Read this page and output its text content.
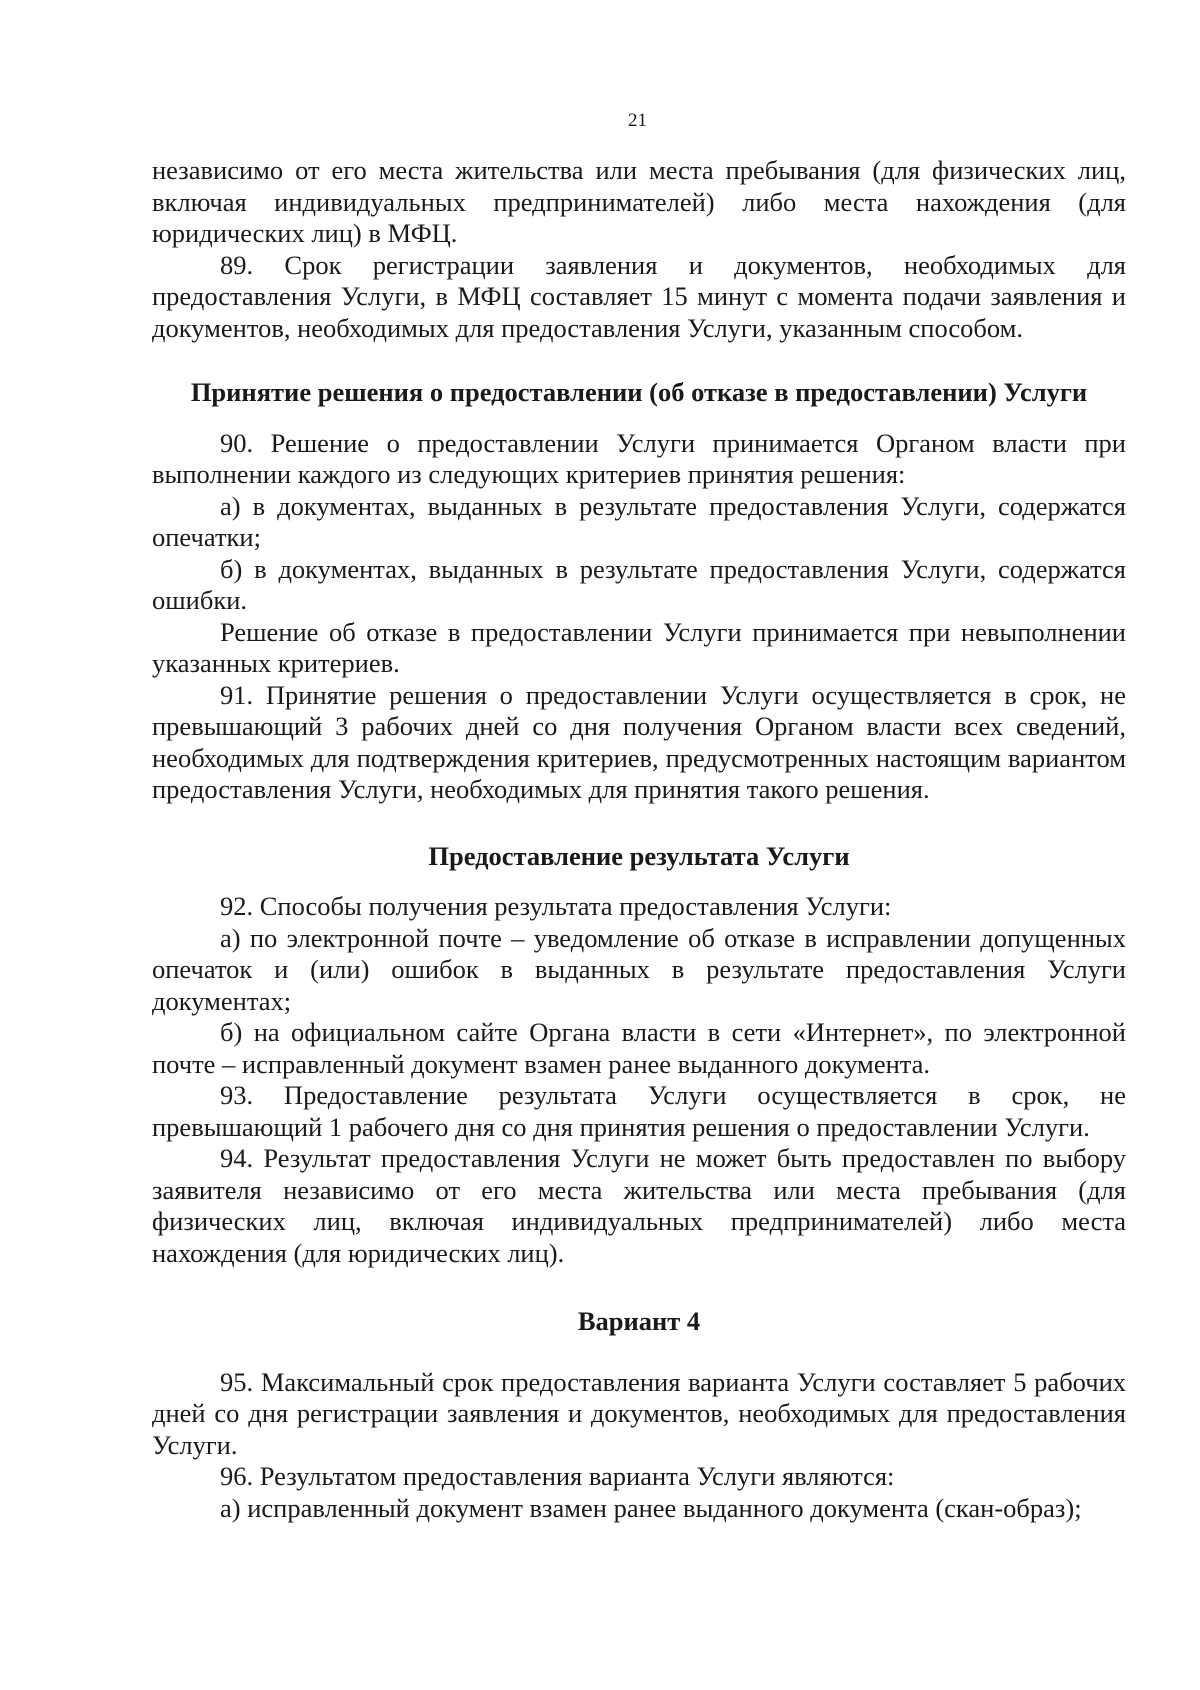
21

независимо от его места жительства или места пребывания (для физических лиц, включая индивидуальных предпринимателей) либо места нахождения (для юридических лиц) в МФЦ.

89. Срок регистрации заявления и документов, необходимых для предоставления Услуги, в МФЦ составляет 15 минут с момента подачи заявления и документов, необходимых для предоставления Услуги, указанным способом.

Принятие решения о предоставлении (об отказе в предоставлении) Услуги

90. Решение о предоставлении Услуги принимается Органом власти при выполнении каждого из следующих критериев принятия решения:

а) в документах, выданных в результате предоставления Услуги, содержатся опечатки;

б) в документах, выданных в результате предоставления Услуги, содержатся ошибки.

Решение об отказе в предоставлении Услуги принимается при невыполнении указанных критериев.

91. Принятие решения о предоставлении Услуги осуществляется в срок, не превышающий 3 рабочих дней со дня получения Органом власти всех сведений, необходимых для подтверждения критериев, предусмотренных настоящим вариантом предоставления Услуги, необходимых для принятия такого решения.

Предоставление результата Услуги

92. Способы получения результата предоставления Услуги:

а) по электронной почте – уведомление об отказе в исправлении допущенных опечаток и (или) ошибок в выданных в результате предоставления Услуги документах;

б) на официальном сайте Органа власти в сети «Интернет», по электронной почте – исправленный документ взамен ранее выданного документа.

93. Предоставление результата Услуги осуществляется в срок, не превышающий 1 рабочего дня со дня принятия решения о предоставлении Услуги.

94. Результат предоставления Услуги не может быть предоставлен по выбору заявителя независимо от его места жительства или места пребывания (для физических лиц, включая индивидуальных предпринимателей) либо места нахождения (для юридических лиц).

Вариант 4

95. Максимальный срок предоставления варианта Услуги составляет 5 рабочих дней со дня регистрации заявления и документов, необходимых для предоставления Услуги.

96. Результатом предоставления варианта Услуги являются:

а) исправленный документ взамен ранее выданного документа (скан-образ);
